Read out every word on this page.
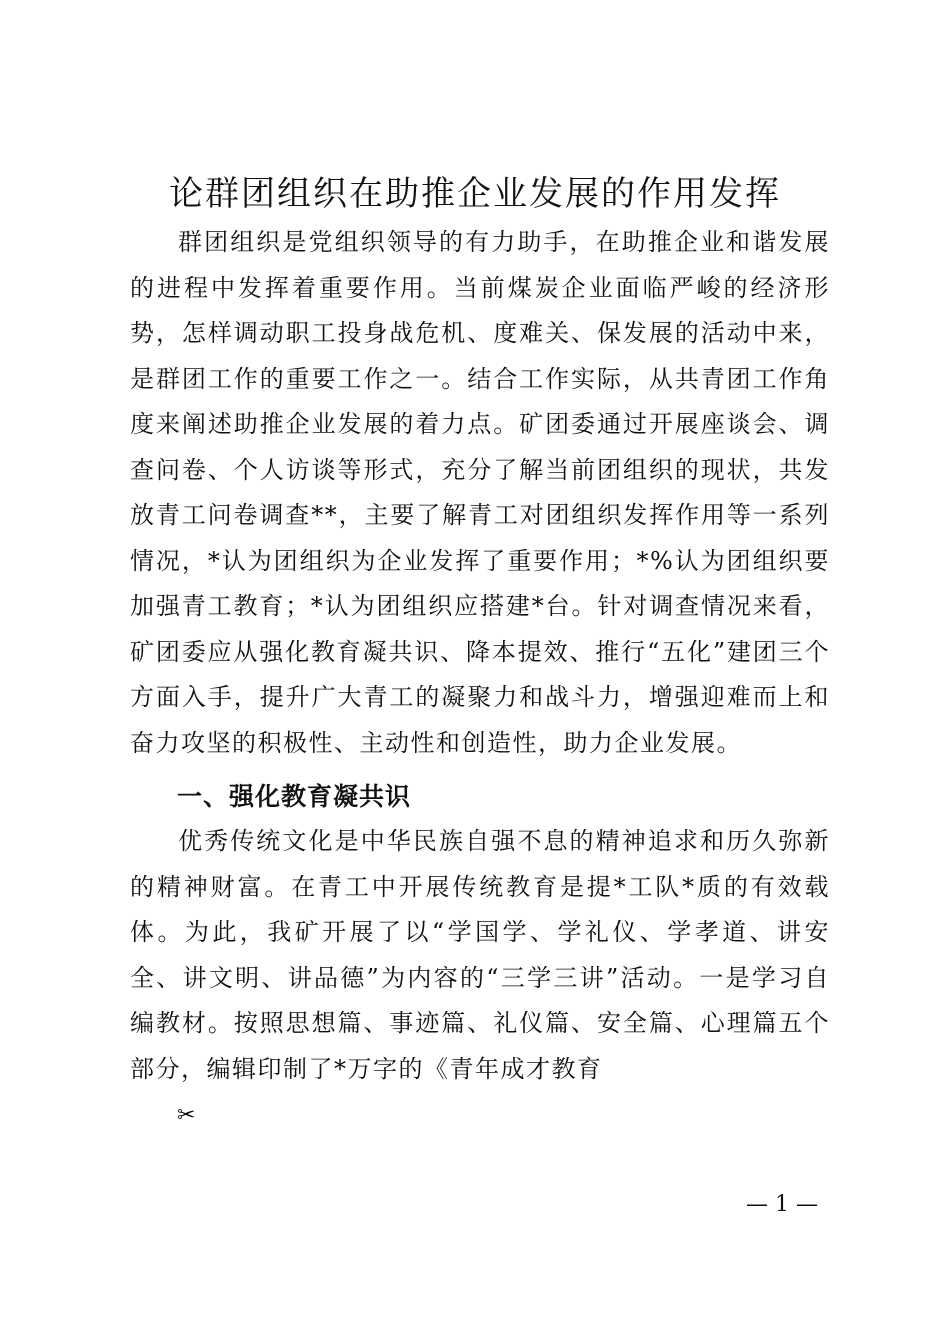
论群团组织在助推企业发展的作用发挥
群团组织是党组织领导的有力助手，在助推企业和谐发展的进程中发挥着重要作用。当前煤炭企业面临严峻的经济形势，怎样调动职工投身战危机、度难关、保发展的活动中来，是群团工作的重要工作之一。结合工作实际，从共青团工作角度来阐述助推企业发展的着力点。矿团委通过开展座谈会、调查问卷、个人访谈等形式，充分了解当前团组织的现状，共发放青工问卷调查**，主要了解青工对团组织发挥作用等一系列情况，*认为团组织为企业发挥了重要作用；*%认为团组织要加强青工教育；*认为团组织应搭建*台。针对调查情况来看，矿团委应从强化教育凝共识、降本提效、推行“五化”建团三个方面入手，提升广大青工的凝聚力和战斗力，增强迎难而上和奋力攻坚的积极性、主动性和创造性，助力企业发展。
一、强化教育凝共识
优秀传统文化是中华民族自强不息的精神追求和历久弥新的精神财富。在青工中开展传统教育是提*工队*质的有效载体。为此，我矿开展了以“学国学、学礼仪、学孝道、讲安全、讲文明、讲品德”为内容的“三学三讲”活动。一是学习自编教材。按照思想篇、事迹篇、礼仪篇、安全篇、心理篇五个部分，编辑印制了*万字的《青年成才教育
✂
— 1 —
